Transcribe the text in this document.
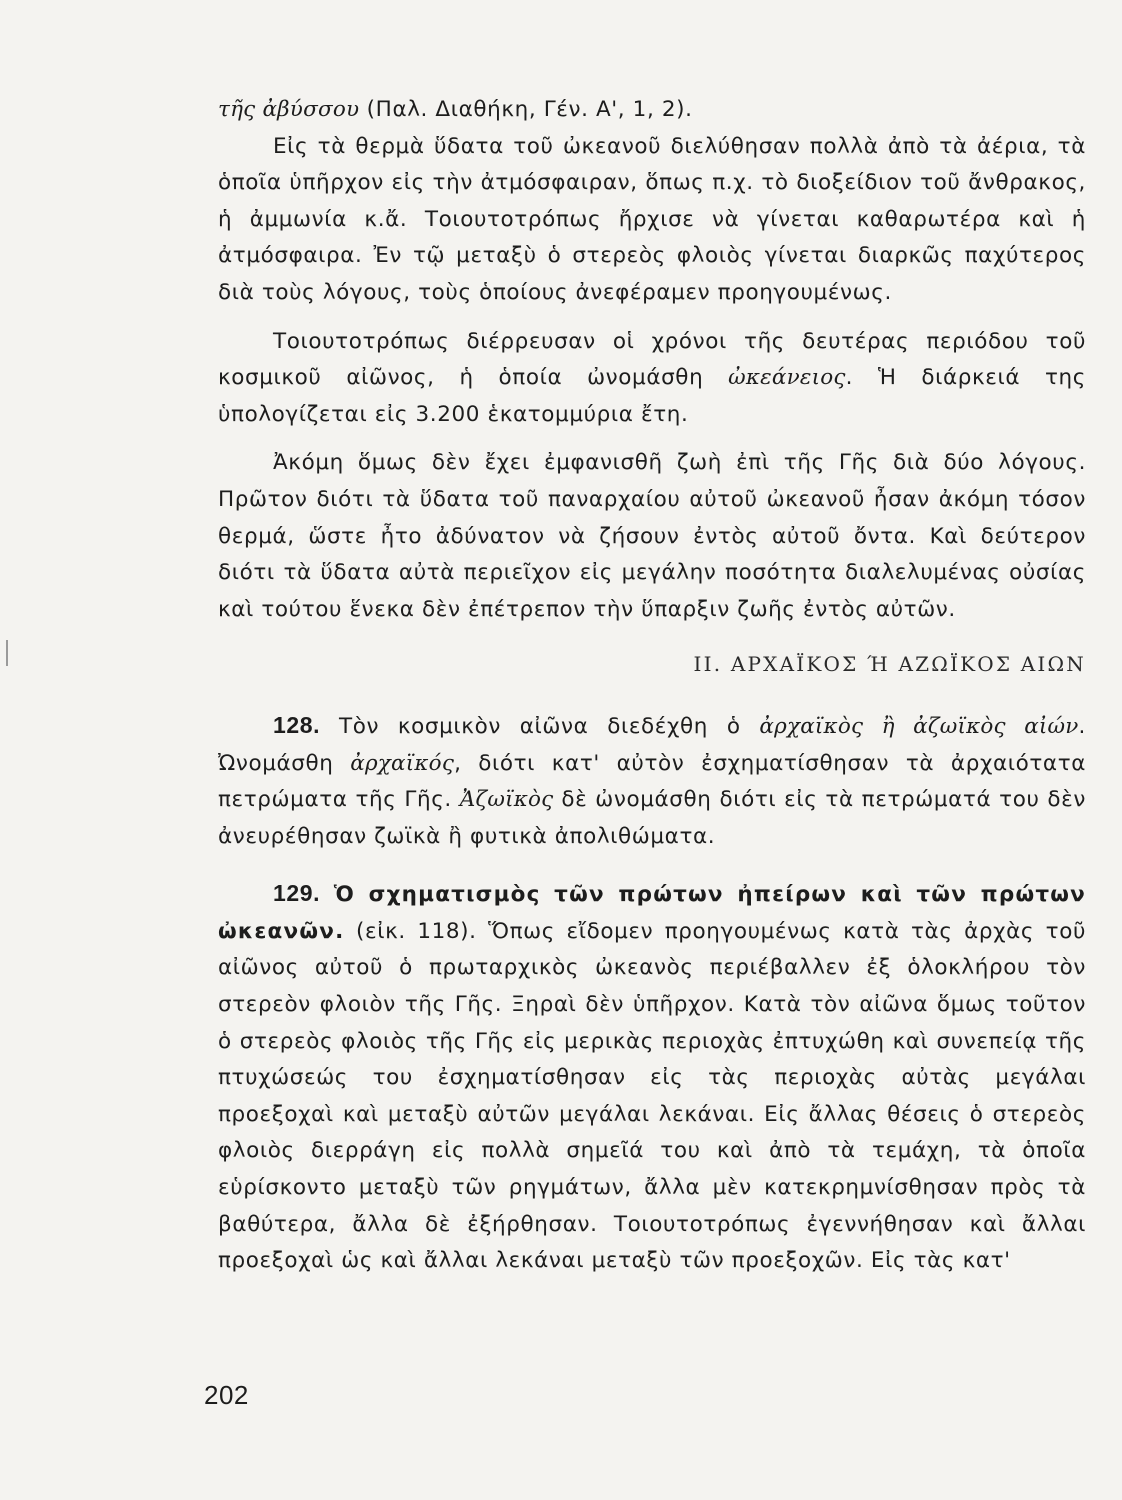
τῆς ἀβύσσου (Παλ. Διαθήκη, Γέν. Α', 1, 2).

Εἰς τὰ θερμὰ ὕδατα τοῦ ὠκεανοῦ διελύθησαν πολλὰ ἀπὸ τὰ ἀέρια, τὰ ὁποῖα ὑπῆρχον εἰς τὴν ἀτμόσφαιραν, ὅπως π.χ. τὸ διοξείδιον τοῦ ἄνθρακος, ἡ ἀμμωνία κ.ἄ. Τοιουτοτρόπως ἤρχισε νὰ γίνεται καθαρωτέρα καὶ ἡ ἀτμόσφαιρα. Ἐν τῷ μεταξὺ ὁ στερεὸς φλοιὸς γίνεται διαρκῶς παχύτερος διὰ τοὺς λόγους, τοὺς ὁποίους ἀνεφέραμεν προηγουμένως.

Τοιουτοτρόπως διέρρευσαν οἱ χρόνοι τῆς δευτέρας περιόδου τοῦ κοσμικοῦ αἰῶνος, ἡ ὁποία ὠνομάσθη ὠκεάνειος. Ἡ διάρκειά της ὑπολογίζεται εἰς 3.200 ἑκατομμύρια ἔτη.

Ἀκόμη ὅμως δὲν ἔχει ἐμφανισθῆ ζωὴ ἐπὶ τῆς Γῆς διὰ δύο λόγους. Πρῶτον διότι τὰ ὕδατα τοῦ παναρχαίου αὐτοῦ ὠκεανοῦ ἦσαν ἀκόμη τόσον θερμά, ὥστε ἦτο ἀδύνατον νὰ ζήσουν ἐντὸς αὐτοῦ ὄντα. Καὶ δεύτερον διότι τὰ ὕδατα αὐτὰ περιεῖχον εἰς μεγάλην ποσότητα διαλελυμένας οὐσίας καὶ τούτου ἕνεκα δὲν ἐπέτρεπον τὴν ὕπαρξιν ζωῆς ἐντὸς αὐτῶν.

II. ΑΡΧΑΪΚΟΣ Ή ΑΖΩΪΚΟΣ ΑΙΩΝ

128. Τὸν κοσμικὸν αἰῶνα διεδέχθη ὁ ἀρχαϊκὸς ἢ ἀζωϊκὸς αἰών. Ὠνομάσθη ἀρχαϊκός, διότι κατ' αὐτὸν ἐσχηματίσθησαν τὰ ἀρχαιότατα πετρώματα τῆς Γῆς. Ἀζωϊκὸς δὲ ὠνομάσθη διότι εἰς τὰ πετρώματά του δὲν ἀνευρέθησαν ζωϊκὰ ἢ φυτικὰ ἀπολιθώματα.

129. Ὁ σχηματισμὸς τῶν πρώτων ἠπείρων καὶ τῶν πρώτων ὠκεανῶν. (εἰκ. 118). Ὅπως εἴδομεν προηγουμένως κατὰ τὰς ἀρχὰς τοῦ αἰῶνος αὐτοῦ ὁ πρωταρχικὸς ὠκεανὸς περιέβαλλεν ἐξ ὁλοκλήρου τὸν στερεὸν φλοιὸν τῆς Γῆς. Ξηραὶ δὲν ὑπῆρχον. Κατὰ τὸν αἰῶνα ὅμως τοῦτον ὁ στερεὸς φλοιὸς τῆς Γῆς εἰς μερικὰς περιοχὰς ἐπτυχώθη καὶ συνεπείᾳ τῆς πτυχώσεώς του ἐσχηματίσθησαν εἰς τὰς περιοχὰς αὐτὰς μεγάλαι προεξοχαὶ καὶ μεταξὺ αὐτῶν μεγάλαι λεκάναι. Εἰς ἄλλας θέσεις ὁ στερεὸς φλοιὸς διερράγη εἰς πολλὰ σημεῖά του καὶ ἀπὸ τὰ τεμάχη, τὰ ὁποῖα εὑρίσκοντο μεταξὺ τῶν ρηγμάτων, ἄλλα μὲν κατεκρημνίσθησαν πρὸς τὰ βαθύτερα, ἄλλα δὲ ἐξήρθησαν. Τοιουτοτρόπως ἐγεννήθησαν καὶ ἄλλαι προεξοχαὶ ὡς καὶ ἄλλαι λεκάναι μεταξὺ τῶν προεξοχῶν. Εἰς τὰς κατ'

202
